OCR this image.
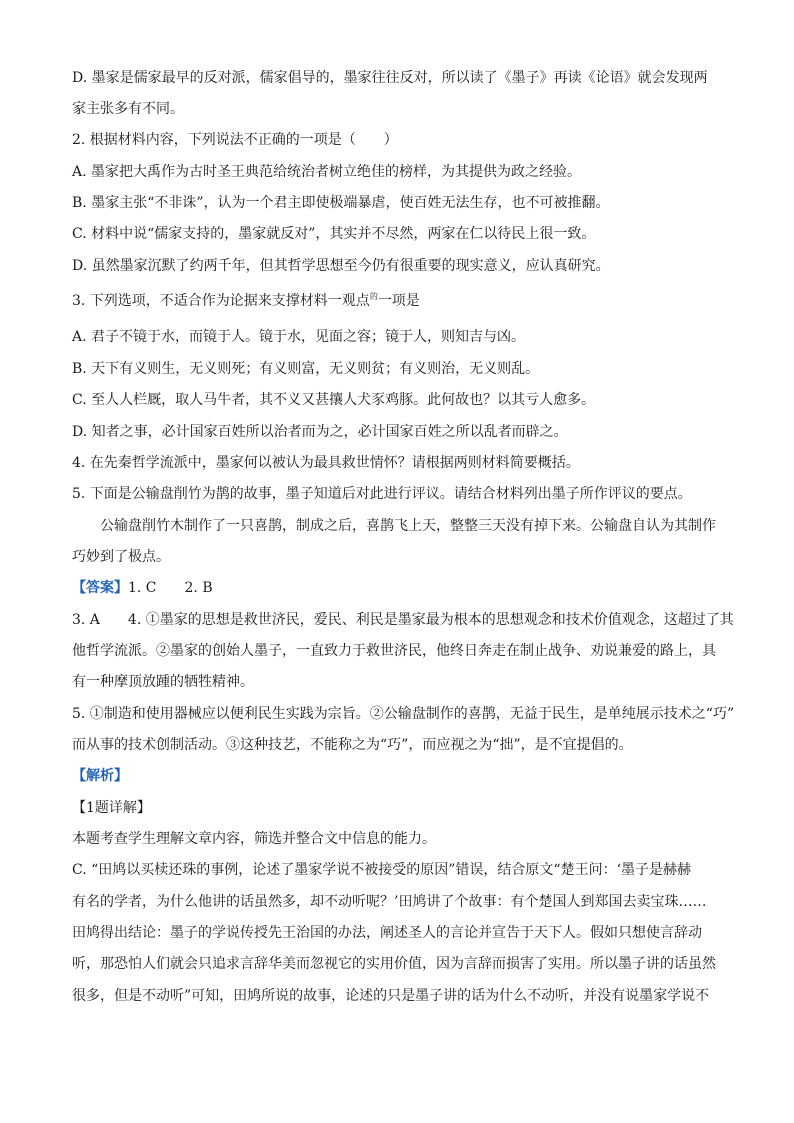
D. 墨家是儒家最早的反对派，儒家倡导的，墨家往往反对，所以读了《墨子》再读《论语》就会发现两
家主张多有不同。
2. 根据材料内容，下列说法不正确的一项是（　　）
A. 墨家把大禹作为古时圣王典范给统治者树立绝佳的榜样，为其提供为政之经验。
B. 墨家主张“不非诛”，认为一个君主即使极端暴虐，使百姓无法生存，也不可被推翻。
C. 材料中说“儒家支持的，墨家就反对”，其实并不尽然，两家在仁以待民上很一致。
D. 虽然墨家沉默了约两千年，但其哲学思想至今仍有很重要的现实意义，应认真研究。
3. 下列选项，不适合作为论据来支撑材料一观点$^的$一项是
A. 君子不镜于水，而镜于人。镜于水，见面之容；镜于人，则知吉与凶。
B. 天下有义则生，无义则死；有义则富，无义则贫；有义则治，无义则乱。
C. 至人人栏厩，取人马牛者，其不义又甚攘人犬豕鸡豚。此何故也？以其亏人愈多。
D. 知者之事，必计国家百姓所以治者而为之，必计国家百姓之所以乱者而辟之。
4. 在先秦哲学流派中，墨家何以被认为最具救世情怀？请根据两则材料简要概括。
5. 下面是公输盘削竹为鹊的故事，墨子知道后对此进行评议。请结合材料列出墨子所作评议的要点。
公输盘削竹木制作了一只喜鹊，制成之后，喜鹊飞上天，整整三天没有掉下来。公输盘自认为其制作
巧妙到了极点。
【答案】1. C　　2. B
3. A　　4. ①墨家的思想是救世济民，爱民、利民是墨家最为根本的思想观念和技术价值观念，这超过了其
他哲学流派。②墨家的创始人墨子，一直致力于救世济民，他终日奔走在制止战争、劝说兼爱的路上，具
有一种摩顶放踵的牺牲精神。
5. ①制造和使用器械应以便利民生实践为宗旨。②公输盘制作的喜鹊，无益于民生，是单纯展示技术之“巧”
而从事的技术创制活动。③这种技艺，不能称之为“巧”，而应视之为“拙”，是不宜提倡的。
【解析】
【1题详解】
本题考查学生理解文章内容，筛选并整合文中信息的能力。
C. “田鸠以买椟还珠的事例，论述了墨家学说不被接受的原因”错误，结合原文“楚王问：‘墨子是赫赫
有名的学者，为什么他讲的话虽然多，却不动听呢？’田鸠讲了个故事：有个楚国人到郑国去卖宝珠……
田鸠得出结论：墨子的学说传授先王治国的办法，阐述圣人的言论并宣告于天下人。假如只想使言辞动
听，那恐怕人们就会只追求言辞华美而忽视它的实用价值，因为言辞而损害了实用。所以墨子讲的话虽然
很多，但是不动听”可知，田鸠所说的故事，论述的只是墨子讲的话为什么不动听，并没有说墨家学说不
